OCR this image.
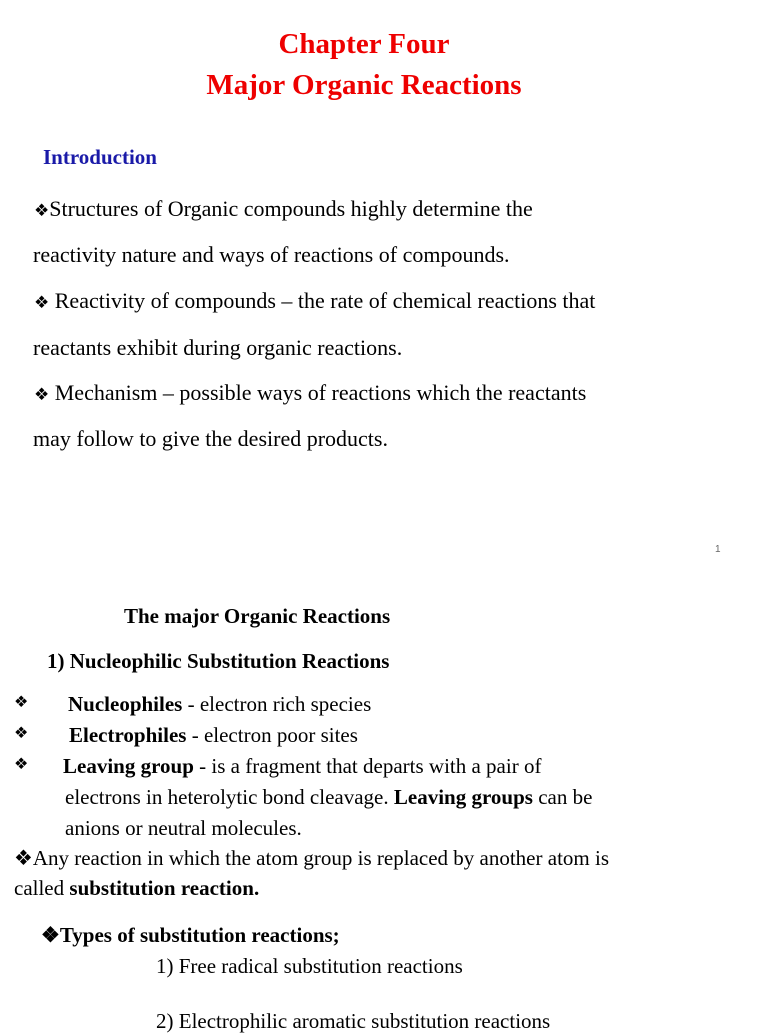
Chapter Four
Major Organic Reactions
Introduction
❖Structures of Organic compounds highly determine the
reactivity nature and ways of reactions of compounds.
❖ Reactivity of compounds – the rate of chemical reactions that
reactants exhibit during organic reactions.
❖ Mechanism – possible ways of reactions which the reactants
may follow to give the desired products.
1
The major Organic Reactions
1) Nucleophilic Substitution Reactions
❖ Nucleophiles - electron rich species
❖ Electrophiles - electron poor sites
❖ Leaving group - is a fragment that departs with a pair of
electrons in heterolytic bond cleavage. Leaving groups can be
anions or neutral molecules.
❖Any reaction in which the atom group is replaced by another atom is
called substitution reaction.
❖Types of substitution reactions;
1) Free radical substitution reactions
2) Electrophilic aromatic substitution reactions
